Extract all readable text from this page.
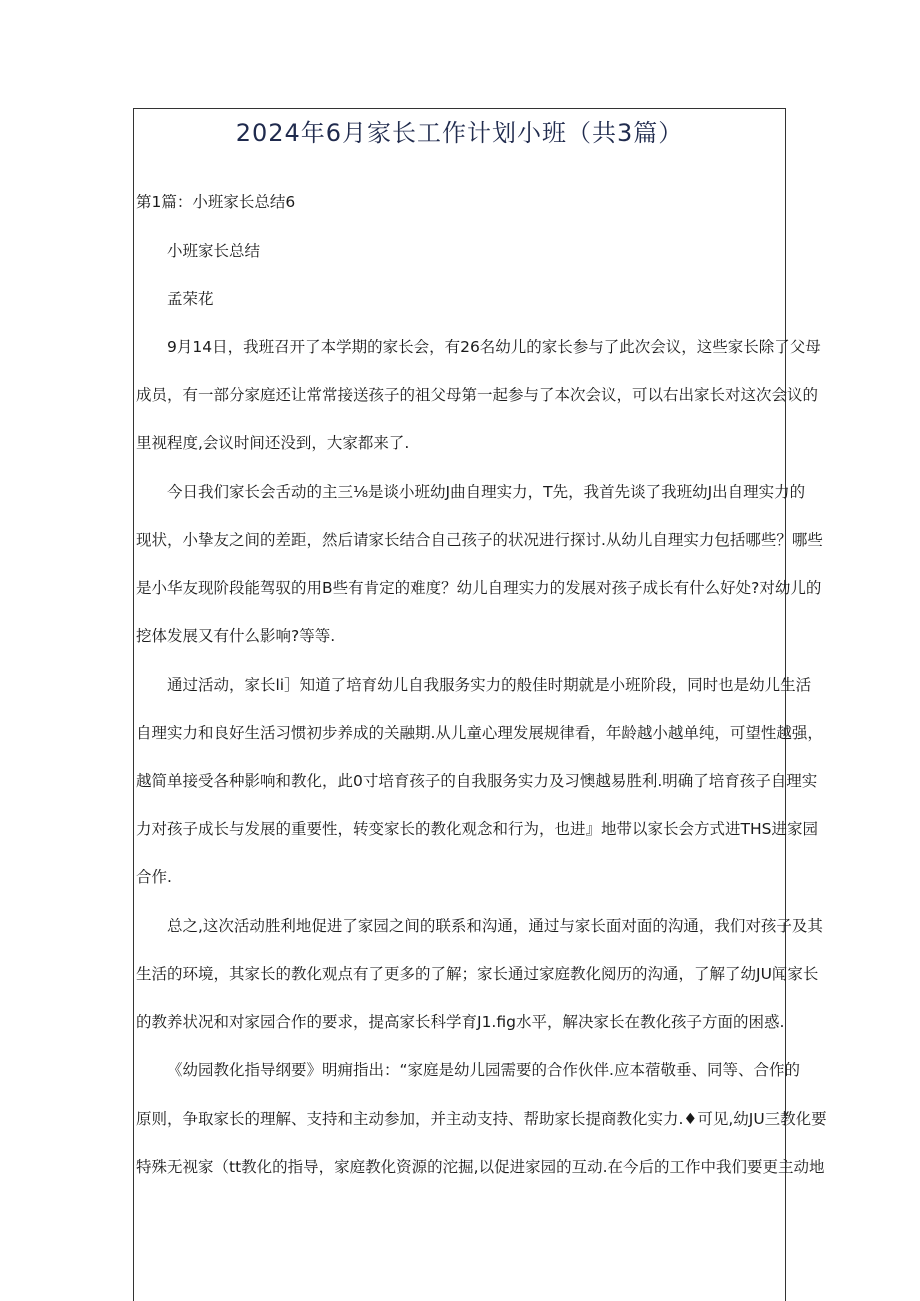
2024年6月家长工作计划小班（共3篇）

第1篇：小班家长总结6

小班家长总结

孟荣花

9月14日，我班召开了本学期的家长会，有26名幼儿的家长参与了此次会议，这些家长除了父母

成员，有一部分家庭还让常常接送孩子的祖父母第一起参与了本次会议，可以右出家长对这次会议的

里视程度,会议时间还没到，大家都来了.

今日我们家长会舌动的主三⅛是谈小班幼J曲自理实力，T先，我首先谈了我班幼J出自理实力的

现状，小挚友之间的差距，然后请家长结合自己孩子的状况进行探讨.从幼儿自理实力包括哪些？哪些

是小华友现阶段能驾驭的用B些有肯定的难度？幼儿自理实力的发展对孩子成长有什么好处?对幼儿的

挖体发展又有什么影响?等等.

通过活动，家长li］知道了培育幼儿自我服务实力的般佳时期就是小班阶段，同时也是幼儿生活

自理实力和良好生活习惯初步养成的关融期.从儿童心理发展规律看，年龄越小越单纯，可望性越强，

越简单接受各种影响和教化，此0寸培育孩子的自我服务实力及习懊越易胜利.明确了培育孩子自理实

力对孩子成长与发展的重要性，转变家长的教化观念和行为，也进』地带以家长会方式进THS进家园

合作.

总之,这次活动胜利地促进了家园之间的联系和沟通，通过与家长面对面的沟通，我们对孩子及其

生活的环境，其家长的教化观点有了更多的了解；家长通过家庭教化阅历的沟通，了解了幼JU闻家长

的教养状况和对家园合作的要求，提高家长科学育J1.fig水平，解决家长在教化孩子方面的困惑.

《幼园教化指导纲要》明痈指出：“家庭是幼儿园需要的合作伙伴.应本蓿敬垂、同等、合作的

原则，争取家长的理解、支持和主动参加，并主动支持、帮助家长提商教化实力.♦可见,幼JU三教化要

特殊无视家（tt教化的指导，家庭教化资源的沱掘,以促进家园的互动.在今后的工作中我们要更主动地
